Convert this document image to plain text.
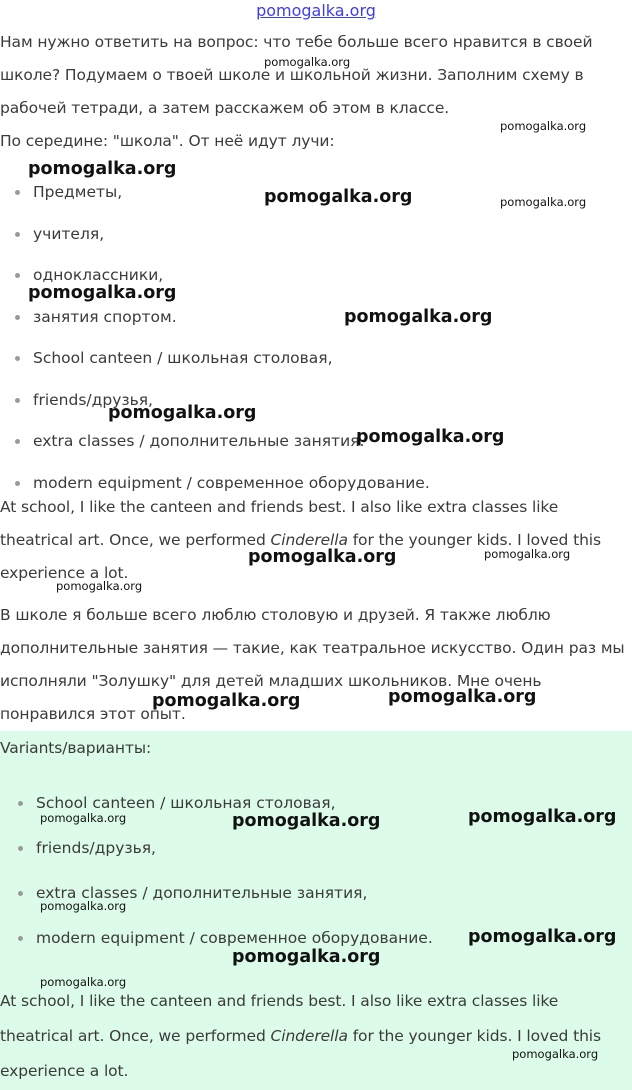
pomogalka.org

Нам нужно ответить на вопрос: что тебе больше всего нравится в своей школе? Подумаем о твоей школе и школьной жизни. Заполним схему в рабочей тетради, а затем расскажем об этом в классе.

По середине: "школа". От неё идут лучи:

Предметы,
учителя,
одноклассники,
занятия спортом.
School canteen / школьная столовая,
friends/друзья,
extra classes / дополнительные занятия.
modern equipment / современное оборудование.

At school, I like the canteen and friends best. I also like extra classes like theatrical art. Once, we performed Cinderella for the younger kids. I loved this experience a lot.

В школе я больше всего люблю столовую и друзей. Я также люблю дополнительные занятия — такие, как театральное искусство. Один раз мы исполняли "Золушку" для детей младших школьников. Мне очень понравился этот опыт.

Variants/варианты:

School canteen / школьная столовая,
friends/друзья,
extra classes / дополнительные занятия,
modern equipment / современное оборудование.

At school, I like the canteen and friends best. I also like extra classes like theatrical art. Once, we performed Cinderella for the younger kids. I loved this experience a lot.

pomogalka.org
pomogalka.org
pomogalka.org
pomogalka.org	pomogalka.org
pomogalka.org
pomogalka.org
pomogalka.org
pomogalka.org
pomogalka.org	pomogalka.org
pomogalka.org
pomogalka.org	pomogalka.org
pomogalka.org	pomogalka.org	pomogalka.org
pomogalka.org
pomogalka.org
pomogalka.org
pomogalka.org
pomogalka.org
